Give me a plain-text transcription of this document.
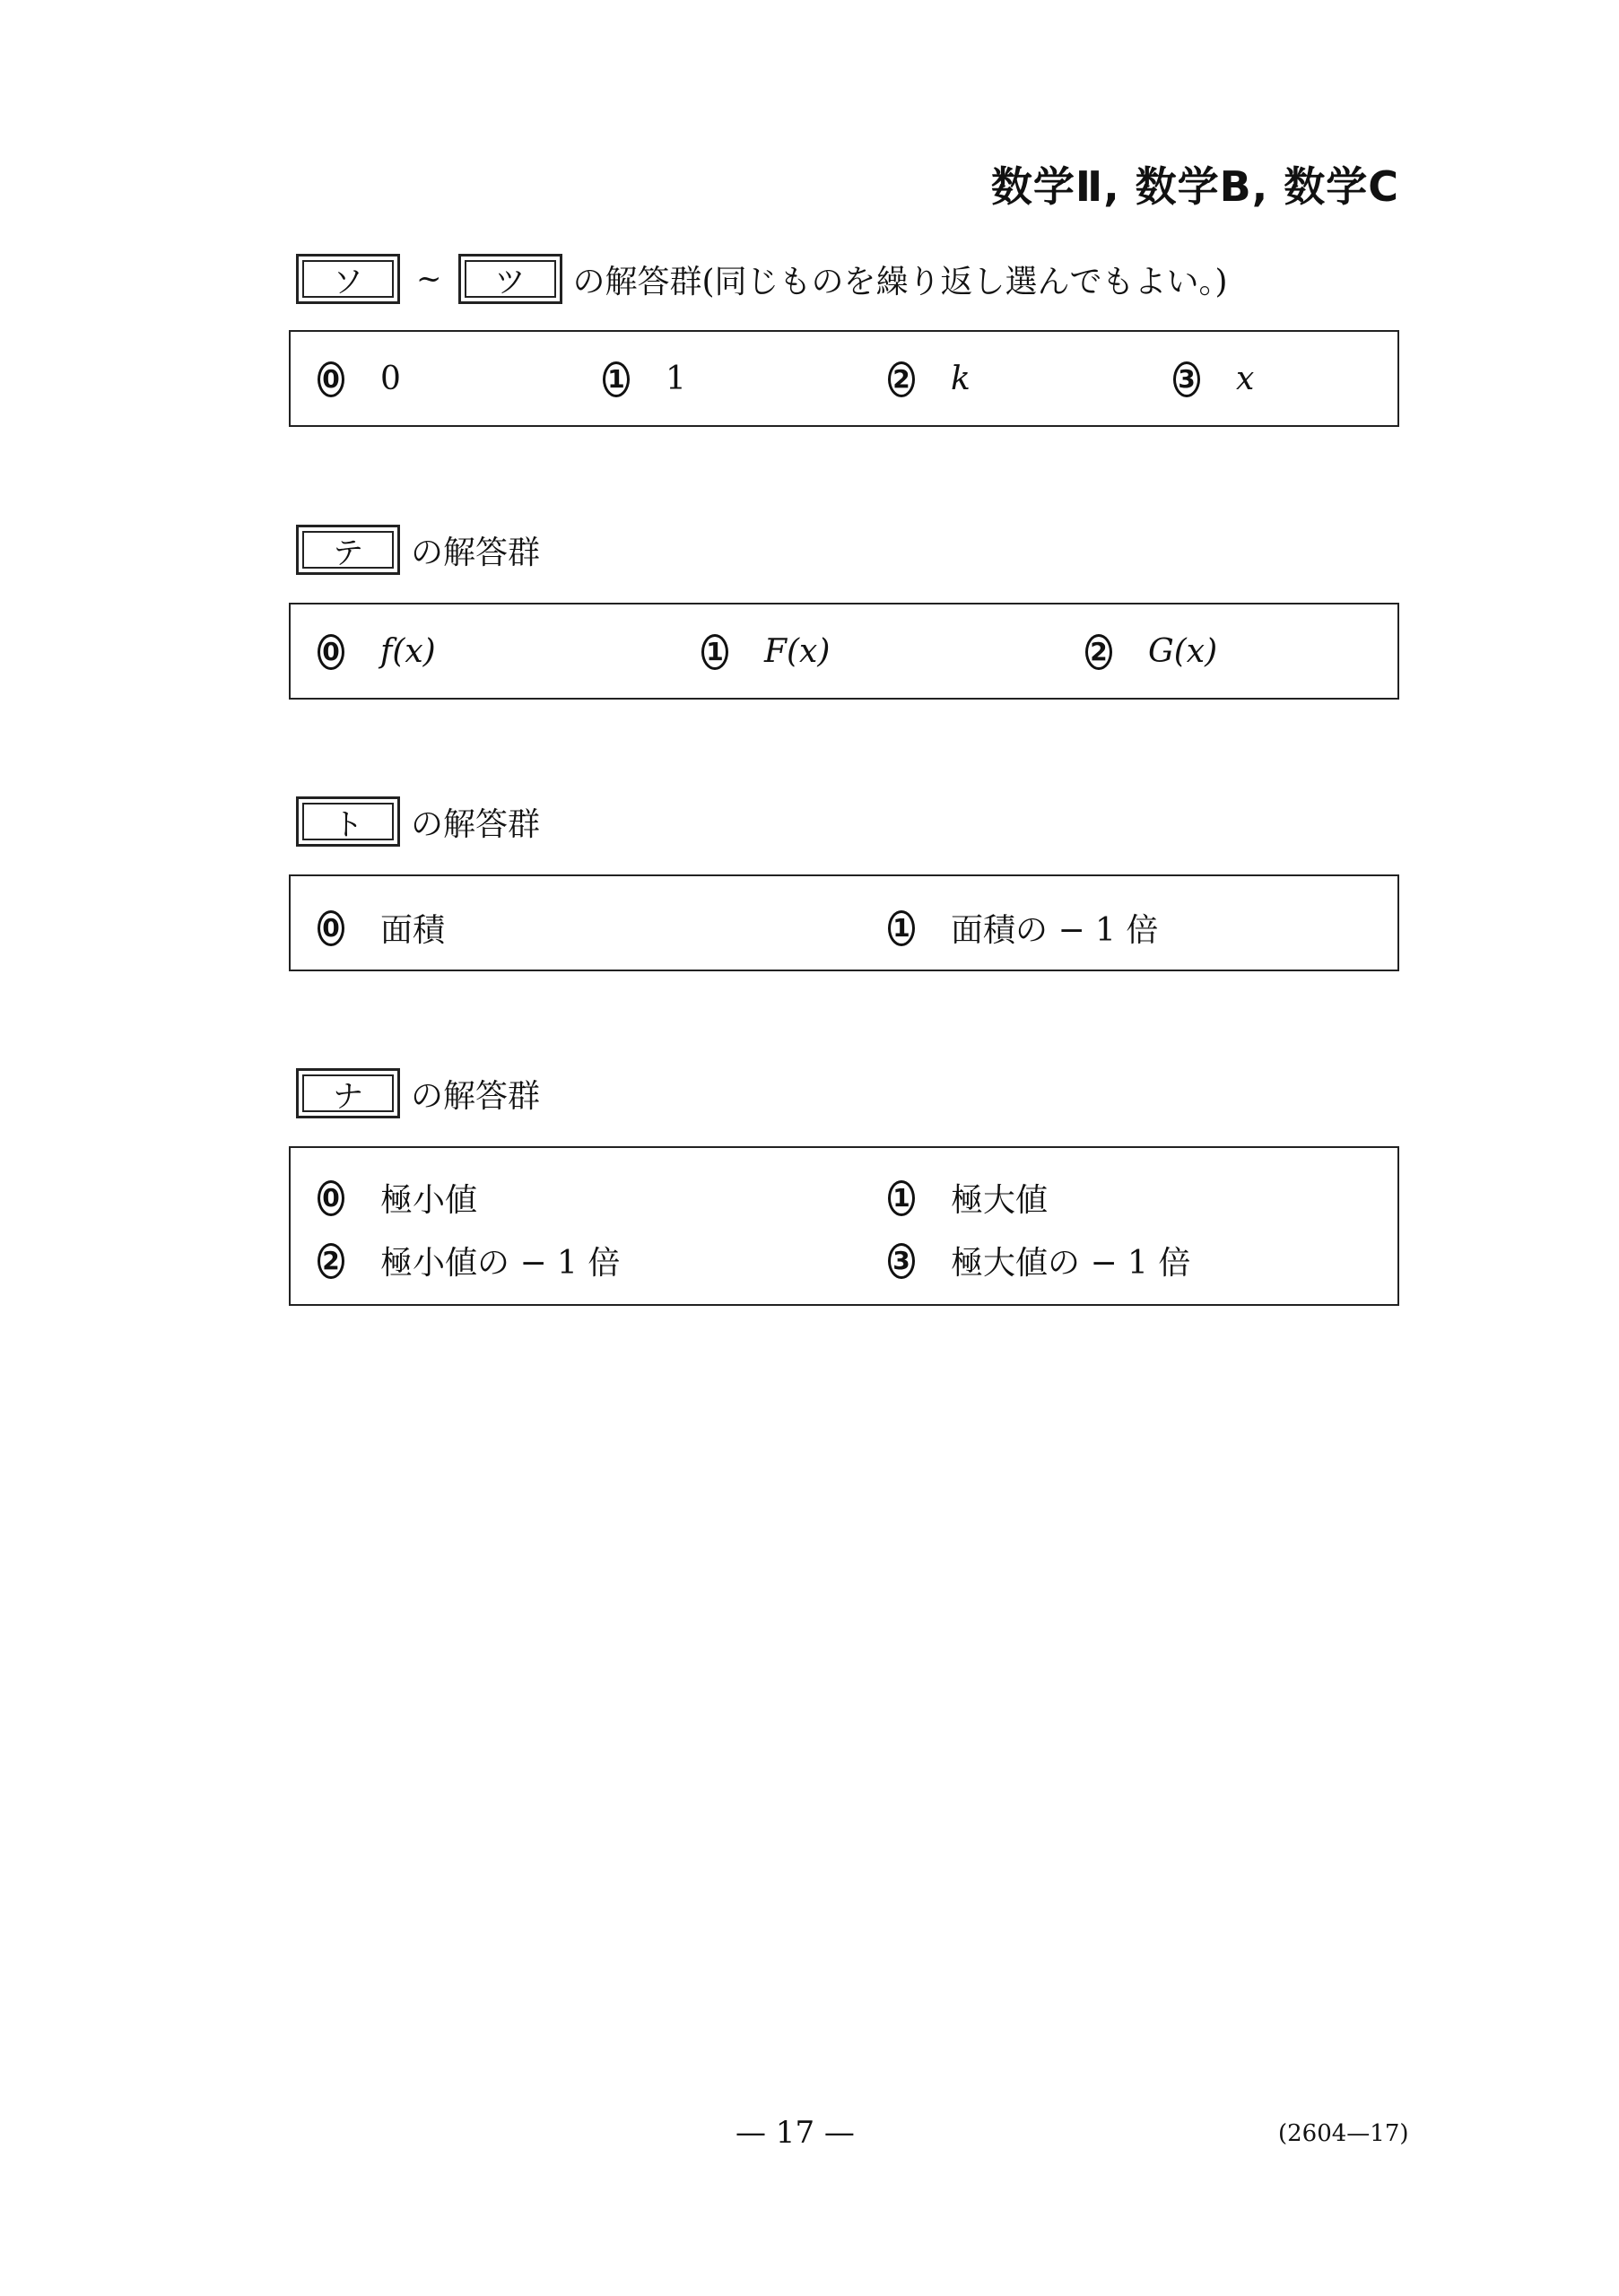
数学Ⅱ, 数学B, 数学C
ソ	~	ツ	の解答群(同じものを繰り返し選んでもよい。)
0 0	1 1	2 k	3 x
テ	の解答群
0 f(x)	1 F(x)	2 G(x)
ト	の解答群
0 面積	1 面積の − 1 倍
ナ	の解答群
0 極小値	1 極大値
2 極小値の − 1 倍	3 極大値の − 1 倍
— 17 —	(2604—17)
